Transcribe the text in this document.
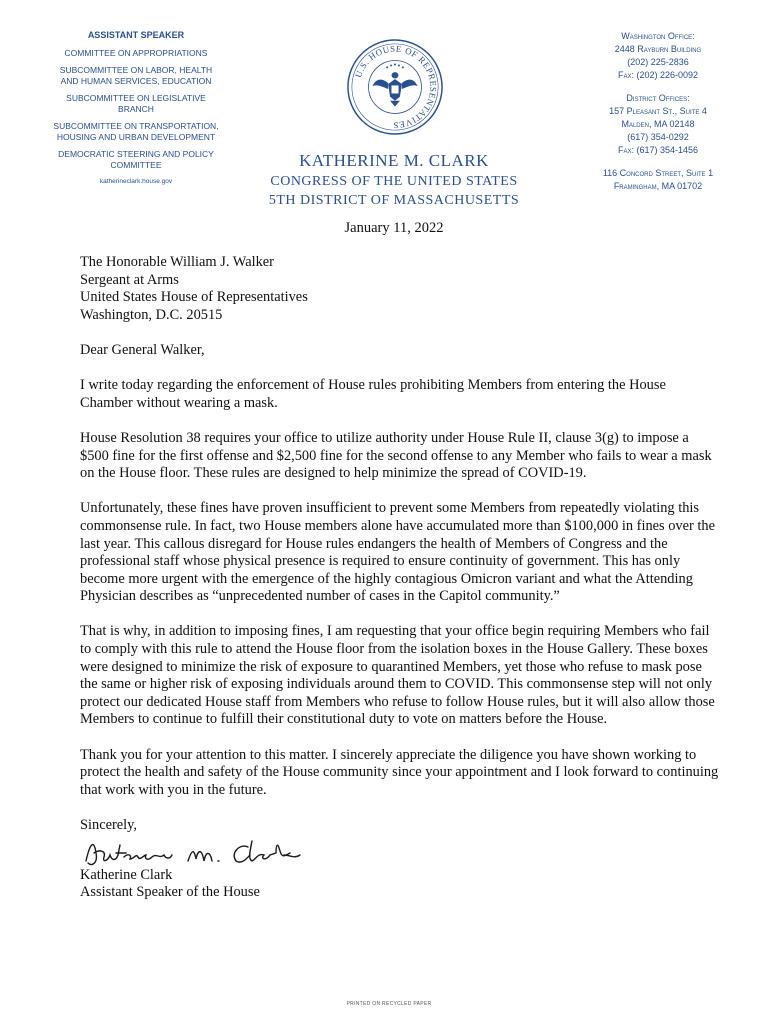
ASSISTANT SPEAKER
COMMITTEE ON APPROPRIATIONS
SUBCOMMITTEE ON LABOR, HEALTH AND HUMAN SERVICES, EDUCATION
SUBCOMMITTEE ON LEGISLATIVE BRANCH
SUBCOMMITTEE ON TRANSPORTATION, HOUSING AND URBAN DEVELOPMENT
DEMOCRATIC STEERING AND POLICY COMMITTEE
katherineclark.house.gov
U.S. HOUSE OF REPRESENTATIVES
Washington Office:
2448 Rayburn Building
(202) 225-2836
Fax: (202) 226-0092
District Offices:
157 Pleasant St., Suite 4
Malden, MA 02148
(617) 354-0292
Fax: (617) 354-1456
116 Concord Street, Suite 1
Framingham, MA 01702
KATHERINE M. CLARK
CONGRESS OF THE UNITED STATES
5TH DISTRICT OF MASSACHUSETTS
January 11, 2022
The Honorable William J. Walker
Sergeant at Arms
United States House of Representatives
Washington, D.C. 20515

Dear General Walker,

I write today regarding the enforcement of House rules prohibiting Members from entering the House Chamber without wearing a mask.

House Resolution 38 requires your office to utilize authority under House Rule II, clause 3(g) to impose a $500 fine for the first offense and $2,500 fine for the second offense to any Member who fails to wear a mask on the House floor. These rules are designed to help minimize the spread of COVID-19.

Unfortunately, these fines have proven insufficient to prevent some Members from repeatedly violating this commonsense rule. In fact, two House members alone have accumulated more than $100,000 in fines over the last year. This callous disregard for House rules endangers the health of Members of Congress and the professional staff whose physical presence is required to ensure continuity of government. This has only become more urgent with the emergence of the highly contagious Omicron variant and what the Attending Physician describes as “unprecedented number of cases in the Capitol community.”

That is why, in addition to imposing fines, I am requesting that your office begin requiring Members who fail to comply with this rule to attend the House floor from the isolation boxes in the House Gallery. These boxes were designed to minimize the risk of exposure to quarantined Members, yet those who refuse to mask pose the same or higher risk of exposing individuals around them to COVID. This commonsense step will not only protect our dedicated House staff from Members who refuse to follow House rules, but it will also allow those Members to continue to fulfill their constitutional duty to vote on matters before the House.

Thank you for your attention to this matter. I sincerely appreciate the diligence you have shown working to protect the health and safety of the House community since your appointment and I look forward to continuing that work with you in the future.

Sincerely,
Katherine Clark
Assistant Speaker of the House
PRINTED ON RECYCLED PAPER
